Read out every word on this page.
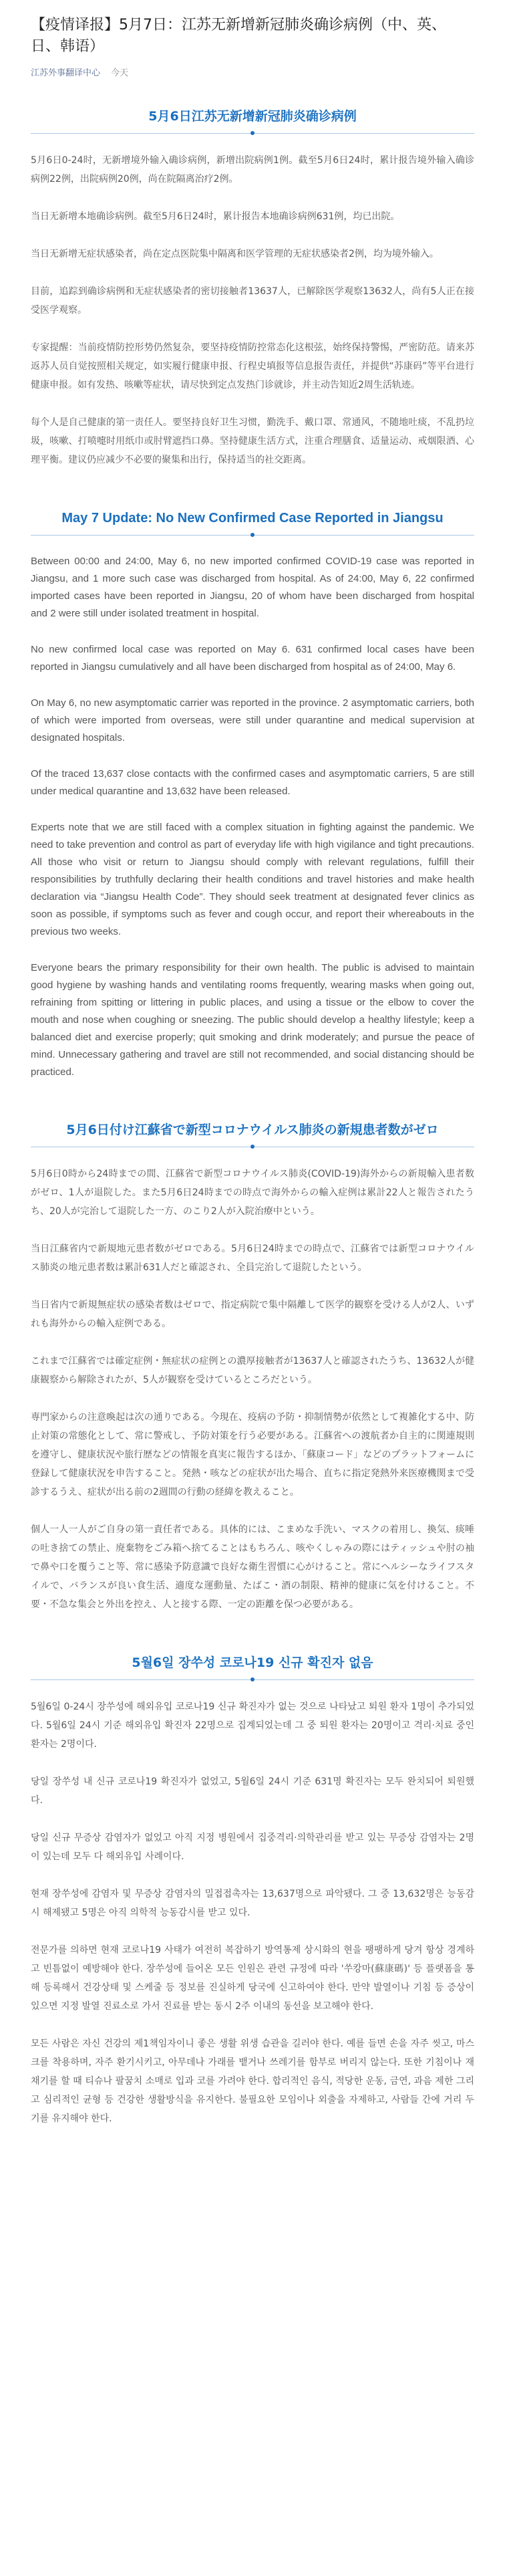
【疫情译报】5月7日：江苏无新增新冠肺炎确诊病例（中、英、日、韩语）
江苏外事翻译中心 今天
5月6日江苏无新增新冠肺炎确诊病例

5月6日0-24时，无新增境外输入确诊病例，新增出院病例1例。截至5月6日24时，累计报告境外输入确诊病例22例，出院病例20例，尚在院隔离治疗2例。

当日无新增本地确诊病例。截至5月6日24时，累计报告本地确诊病例631例，均已出院。

当日无新增无症状感染者，尚在定点医院集中隔离和医学管理的无症状感染者2例，均为境外输入。

目前，追踪到确诊病例和无症状感染者的密切接触者13637人，已解除医学观察13632人，尚有5人正在接受医学观察。

专家提醒：当前疫情防控形势仍然复杂，要坚持疫情防控常态化这根弦，始终保持警惕，严密防范。请来苏返苏人员自觉按照相关规定，如实履行健康申报、行程史填报等信息报告责任，并提供“苏康码”等平台进行健康申报。如有发热、咳嗽等症状，请尽快到定点发热门诊就诊，并主动告知近2周生活轨迹。

每个人是自己健康的第一责任人。要坚持良好卫生习惯，勤洗手、戴口罩、常通风，不随地吐痰，不乱扔垃圾，咳嗽、打喷嚏时用纸巾或肘臂遮挡口鼻。坚持健康生活方式，注重合理膳食、适量运动、戒烟限酒、心理平衡。建议仍应减少不必要的聚集和出行，保持适当的社交距离。

May 7 Update: No New Confirmed Case Reported in Jiangsu

Between 00:00 and 24:00, May 6, no new imported confirmed COVID-19 case was reported in Jiangsu, and 1 more such case was discharged from hospital. As of 24:00, May 6, 22 confirmed imported cases have been reported in Jiangsu, 20 of whom have been discharged from hospital and 2 were still under isolated treatment in hospital.

No new confirmed local case was reported on May 6. 631 confirmed local cases have been reported in Jiangsu cumulatively and all have been discharged from hospital as of 24:00, May 6.

On May 6, no new asymptomatic carrier was reported in the province. 2 asymptomatic carriers, both of which were imported from overseas, were still under quarantine and medical supervision at designated hospitals.

Of the traced 13,637 close contacts with the confirmed cases and asymptomatic carriers, 5 are still under medical quarantine and 13,632 have been released.

Experts note that we are still faced with a complex situation in fighting against the pandemic. We need to take prevention and control as part of everyday life with high vigilance and tight precautions. All those who visit or return to Jiangsu should comply with relevant regulations, fulfill their responsibilities by truthfully declaring their health conditions and travel histories and make health declaration via “Jiangsu Health Code”. They should seek treatment at designated fever clinics as soon as possible, if symptoms such as fever and cough occur, and report their whereabouts in the previous two weeks.

Everyone bears the primary responsibility for their own health. The public is advised to maintain good hygiene by washing hands and ventilating rooms frequently, wearing masks when going out, refraining from spitting or littering in public places, and using a tissue or the elbow to cover the mouth and nose when coughing or sneezing. The public should develop a healthy lifestyle; keep a balanced diet and exercise properly; quit smoking and drink moderately; and pursue the peace of mind. Unnecessary gathering and travel are still not recommended, and social distancing should be practiced.

5月6日付け江蘇省で新型コロナウイルス肺炎の新規患者数がゼロ

5月6日0時から24時までの間、江蘇省で新型コロナウイルス肺炎(COVID-19)海外からの新規輸入患者数がゼロ、1人が退院した。また5月6日24時までの時点で海外からの輸入症例は累計22人と報告されたうち、20人が完治して退院した一方、のこり2人が入院治療中という。

当日江蘇省内で新規地元患者数がゼロである。5月6日24時までの時点で、江蘇省では新型コロナウイルス肺炎の地元患者数は累計631人だと確認され、全員完治して退院したという。

当日省内で新規無症状の感染者数はゼロで、指定病院で集中隔離して医学的観察を受ける人が2人、いずれも海外からの輸入症例である。

これまで江蘇省では確定症例・無症状の症例との濃厚接触者が13637人と確認されたうち、13632人が健康観察から解除されたが、5人が観察を受けているところだという。

専門家からの注意喚起は次の通りである。今現在、疫病の予防・抑制情勢が依然として複雑化する中、防止対策の常態化として、常に警戒し、予防対策を行う必要がある。江蘇省への渡航者か自主的に関連規則を遵守し、健康状況や旅行歴などの情報を真実に報告するほか、「蘇康コード」などのプラットフォームに登録して健康状況を申告すること。発熱・咳などの症状が出た場合、直ちに指定発熱外来医療機関まで受診するうえ、症状が出る前の2週間の行動の経緯を教えること。

個人一人一人がご自身の第一責任者である。具体的には、こまめな手洗い、マスクの着用し、換気、痰唾の吐き捨ての禁止、廃棄物をごみ箱へ捨てることはもちろん、咳やくしゃみの際にはティッシュや肘の袖で鼻や口を覆うこと等、常に感染予防意識で良好な衛生習慣に心がけること。常にヘルシーなライフスタイルで、バランスが良い食生活、適度な運動量、たばこ・酒の制限、精神的健康に気を付けること。不要・不急な集会と外出を控え、人と接する際、一定の距離を保つ必要がある。

5월6일 장쑤성 코로나19 신규 확진자 없음

5월6일 0-24시 장쑤성에 해외유입 코로나19 신규 확진자가 없는 것으로 나타났고 퇴원 환자 1명이 추가되었다. 5월6일 24시 기준 해외유입 확진자 22명으로 집계되었는데 그 중 퇴원 환자는 20명이고 격리·치료 중인 환자는 2명이다.

당일 장쑤성 내 신규 코로나19 확진자가 없었고, 5월6일 24시 기준 631명 확진자는 모두 완치되어 퇴원했다.

당일 신규 무증상 감염자가 없었고 아직 지정 병원에서 집중격리·의학관리를 받고 있는 무증상 감염자는 2명이 있는데 모두 다 해외유입 사례이다.

현재 장쑤성에 감염자 및 무증상 감염자의 밀접접촉자는 13,637명으로 파악됐다. 그 중 13,632명은 능동감시 해제됐고 5명은 아직 의학적 능동감시를 받고 있다.

전문가를 의하면 현재 코로나19 사태가 여전히 복잡하기 방역통제 상시화의 현을 팽팽하게 당겨 항상 경계하고 빈틈없이 예방해야 한다. 장쑤성에 들어온 모든 인원은 관련 규정에 따라 '쑤캉마(蘇康碼)' 등 플랫폼을 통해 등록해서 건강상태 및 스케줄 등 정보를 진실하게 당국에 신고하여야 한다. 만약 발열이나 기침 등 증상이 있으면 지정 발열 진료소로 가서 진료를 받는 동시 2주 이내의 동선을 보고해야 한다.

모든 사람은 자신 건강의 제1책임자이니 좋은 생활 위생 습관을 길러야 한다. 예를 들면 손을 자주 씻고, 마스크를 착용하며, 자주 환기시키고, 아무데나 가래를 뱉거나 쓰레기를 함부로 버리지 않는다. 또한 기침이나 재채기를 할 때 티슈나 팔꿈치 소매로 입과 코를 가려야 한다. 합리적인 음식, 적당한 운동, 금연, 과음 제한 그리고 심리적인 균형 등 건강한 생활방식을 유지한다. 불필요한 모임이나 외출을 자제하고, 사람들 간에 거리 두기를 유지해야 한다.
